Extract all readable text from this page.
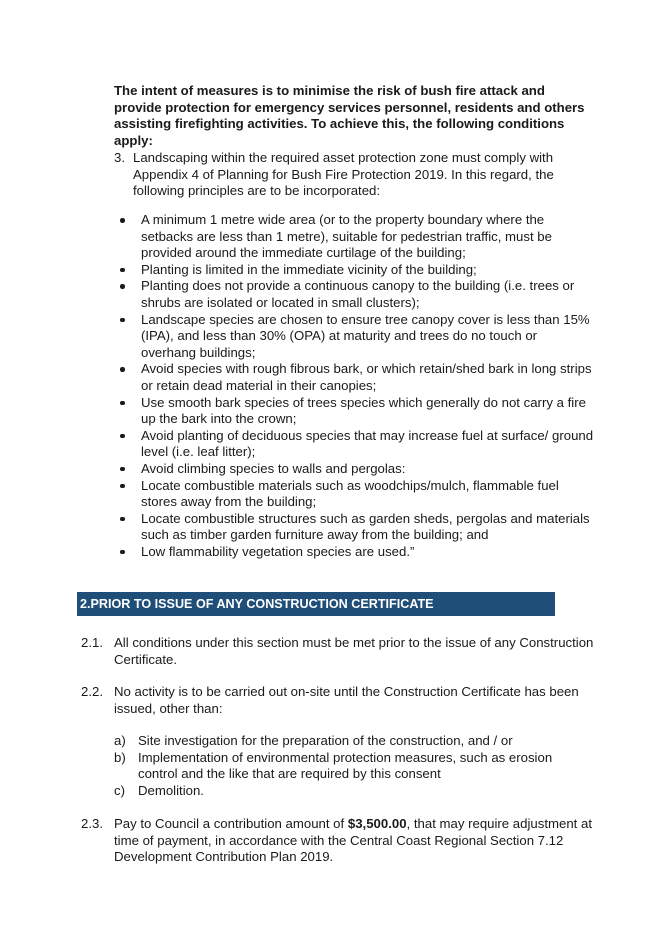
The intent of measures is to minimise the risk of bush fire attack and provide protection for emergency services personnel, residents and others assisting firefighting activities. To achieve this, the following conditions apply:

3. Landscaping within the required asset protection zone must comply with Appendix 4 of Planning for Bush Fire Protection 2019. In this regard, the following principles are to be incorporated:
A minimum 1 metre wide area (or to the property boundary where the setbacks are less than 1 metre), suitable for pedestrian traffic, must be provided around the immediate curtilage of the building;
Planting is limited in the immediate vicinity of the building;
Planting does not provide a continuous canopy to the building (i.e. trees or shrubs are isolated or located in small clusters);
Landscape species are chosen to ensure tree canopy cover is less than 15% (IPA), and less than 30% (OPA) at maturity and trees do no touch or overhang buildings;
Avoid species with rough fibrous bark, or which retain/shed bark in long strips or retain dead material in their canopies;
Use smooth bark species of trees species which generally do not carry a fire up the bark into the crown;
Avoid planting of deciduous species that may increase fuel at surface/ ground level (i.e. leaf litter);
Avoid climbing species to walls and pergolas:
Locate combustible materials such as woodchips/mulch, flammable fuel stores away from the building;
Locate combustible structures such as garden sheds, pergolas and materials such as timber garden furniture away from the building; and
Low flammability vegetation species are used.”
2.PRIOR TO ISSUE OF ANY CONSTRUCTION CERTIFICATE
2.1. All conditions under this section must be met prior to the issue of any Construction Certificate.
2.2. No activity is to be carried out on-site until the Construction Certificate has been issued, other than:
a) Site investigation for the preparation of the construction, and / or
b) Implementation of environmental protection measures, such as erosion control and the like that are required by this consent
c) Demolition.
2.3. Pay to Council a contribution amount of $3,500.00, that may require adjustment at time of payment, in accordance with the Central Coast Regional Section 7.12 Development Contribution Plan 2019.
